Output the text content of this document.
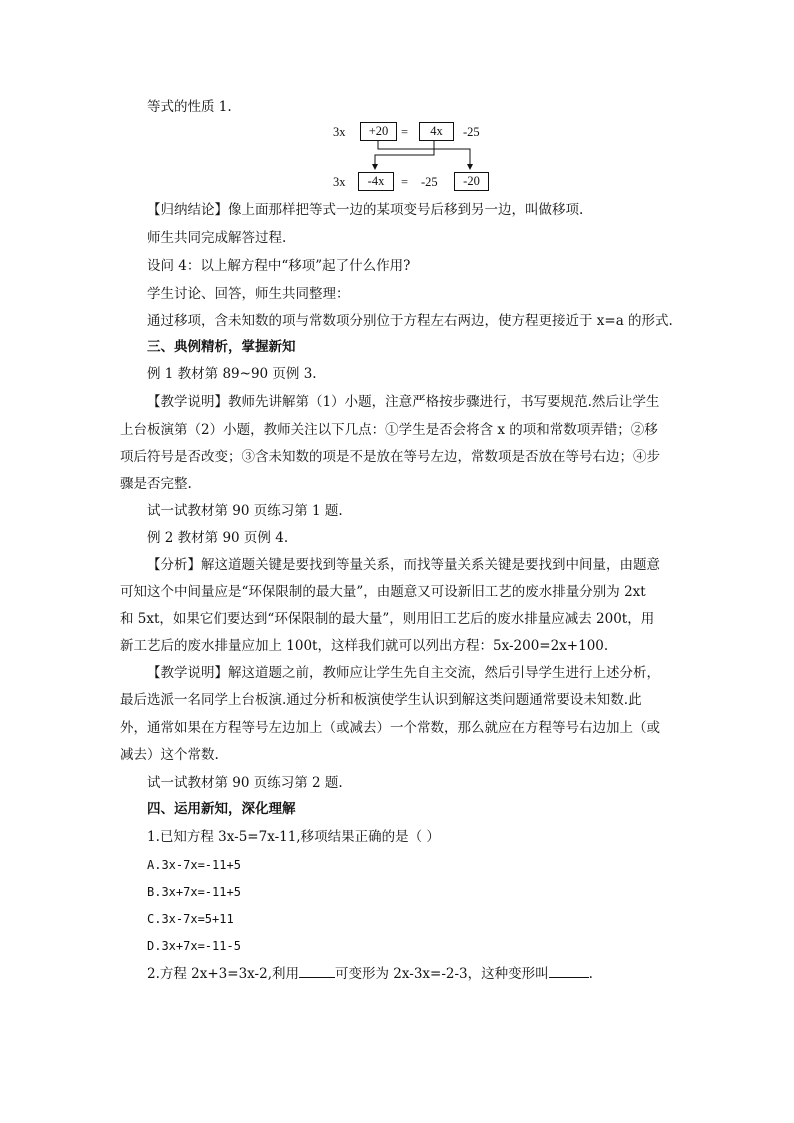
等式的性质 1.
3x	+20	=	4x	-25
3x	-4x	= -25	-20
【归纳结论】像上面那样把等式一边的某项变号后移到另一边，叫做移项.
师生共同完成解答过程.
设问 4：以上解方程中“移项”起了什么作用?
学生讨论、回答，师生共同整理：
通过移项，含未知数的项与常数项分别位于方程左右两边，使方程更接近于 x=a 的形式.
三、典例精析，掌握新知
例 1 教材第 89~90 页例 3.
【教学说明】教师先讲解第（1）小题，注意严格按步骤进行，书写要规范.然后让学生
上台板演第（2）小题，教师关注以下几点：①学生是否会将含 x 的项和常数项弄错；②移
项后符号是否改变；③含未知数的项是不是放在等号左边，常数项是否放在等号右边；④步
骤是否完整.
试一试教材第 90 页练习第 1 题.
例 2 教材第 90 页例 4.
【分析】解这道题关键是要找到等量关系，而找等量关系关键是要找到中间量，由题意
可知这个中间量应是“环保限制的最大量”，由题意又可设新旧工艺的废水排量分别为 2xt
和 5xt，如果它们要达到“环保限制的最大量”，则用旧工艺后的废水排量应减去 200t，用
新工艺后的废水排量应加上 100t，这样我们就可以列出方程：5x-200=2x+100.
【教学说明】解这道题之前，教师应让学生先自主交流，然后引导学生进行上述分析，
最后选派一名同学上台板演.通过分析和板演使学生认识到解这类问题通常要设未知数.此
外，通常如果在方程等号左边加上（或减去）一个常数，那么就应在方程等号右边加上（或
减去）这个常数.
试一试教材第 90 页练习第 2 题.
四、运用新知，深化理解
1.已知方程 3x-5=7x-11,移项结果正确的是（ ）
A.3x-7x=-11+5
B.3x+7x=-11+5
C.3x-7x=5+11
D.3x+7x=-11-5
2.方程 2x+3=3x-2,利用	可变形为 2x-3x=-2-3，这种变形叫	.
